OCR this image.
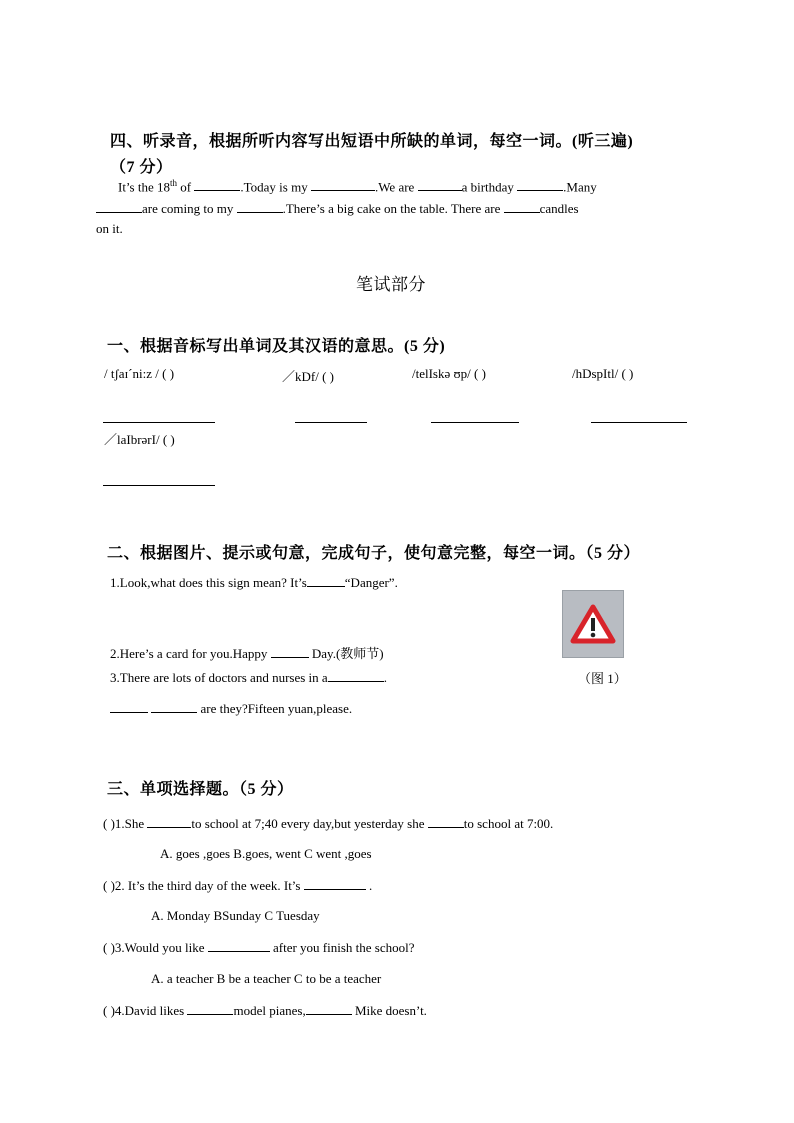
四、听录音，根据所听内容写出短语中所缺的单词，每空一词。(听三遍)
（7 分）
It’s the 18th of	.Today is my	.We are	a birthday	.Many
are coming to my	.There’s a big cake on the table. There are	candles
on it.
笔试部分
一、根据音标写出单词及其汉语的意思。(5 分)
/ tʃaɪˊni:z / ( )	／kDf/ ( )	/telIskə ʊp/ ( )	/hDspItl/ ( )
／laIbrərI/ ( )
二、根据图片、提示或句意，完成句子，使句意完整，每空一词。（5 分）
1.Look,what does this sign mean? It’s	“Danger”.
2.Here’s a card for you.Happy	Day.(教师节)
3.There are lots of doctors and nurses in a	.	（图 1）
are they?Fifteen yuan,please.
三、单项选择题。（5 分）
( )1.She	to school at 7;40 every day,but yesterday she	to school at 7:00.
A. goes ,goes B.goes, went C went ,goes
( )2. It’s the third day of the week. It’s	.
A. Monday BSunday C Tuesday
( )3.Would you like	after you finish the school?
A. a teacher B be a teacher C to be a teacher
( )4.David likes	model pianes,	Mike doesn’t.
